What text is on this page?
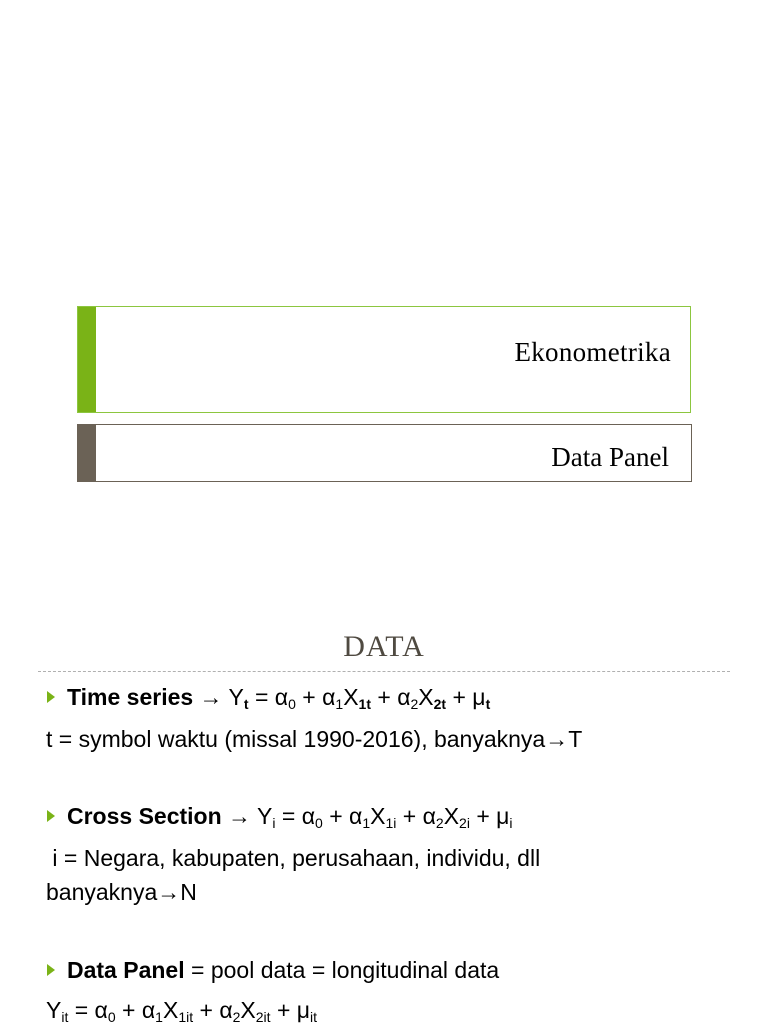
Ekonometrika
Data Panel
DATA
Time series → $Y_t = \alpha_0 + \alpha_1X_{1t} + \alpha_2X_{2t} + \mu_t$
t = symbol waktu (missal 1990-2016), banyaknya→T
Cross Section → $Y_i = \alpha_0 + \alpha_1X_{1i} + \alpha_2X_{2i} + \mu_i$
i = Negara, kabupaten, perusahaan, individu, dll
banyaknya→N
Data Panel = pool data = longitudinal data
$Y_{it} = \alpha_0 + \alpha_1X_{1it} + \alpha_2X_{2it} + \mu_{it}$
